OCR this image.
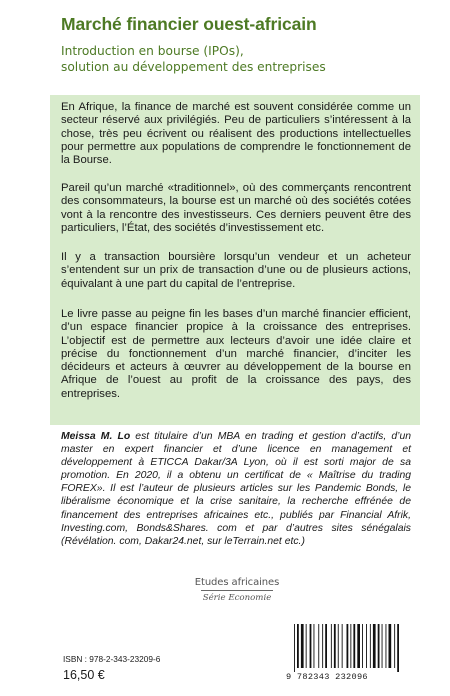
Marché financier ouest-africain
Introduction en bourse (IPOs),
solution au développement des entreprises

En Afrique, la finance de marché est souvent considérée comme un secteur réservé aux privilégiés. Peu de particuliers s’intéressent à la chose, très peu écrivent ou réalisent des productions intellectuelles pour permettre aux populations de comprendre le fonctionnement de la Bourse.

Pareil qu’un marché «traditionnel», où des commerçants rencontrent des consommateurs, la bourse est un marché où des sociétés cotées vont à la rencontre des investisseurs. Ces derniers peuvent être des particuliers, l’État, des sociétés d’investissement etc.

Il y a transaction boursière lorsqu’un vendeur et un acheteur s’entendent sur un prix de transaction d’une ou de plusieurs actions, équivalant à une part du capital de l’entreprise.

Le livre passe au peigne fin les bases d’un marché financier efficient, d’un espace financier propice à la croissance des entreprises. L’objectif est de permettre aux lecteurs d’avoir une idée claire et précise du fonctionnement d’un marché financier, d’inciter les décideurs et acteurs à œuvrer au développement de la bourse en Afrique de l’ouest au profit de la croissance des pays, des entreprises.

Meissa M. Lo est titulaire d’un MBA en trading et gestion d’actifs, d’un master en expert financier et d’une licence en management et développement à ETICCA Dakar/3A Lyon, où il est sorti major de sa promotion. En 2020, il a obtenu un certificat de « Maîtrise du trading FOREX». Il est l’auteur de plusieurs articles sur les Pandemic Bonds, le libéralisme économique et la crise sanitaire, la recherche effrénée de financement des entreprises africaines etc., publiés par Financial Afrik, Investing.com, Bonds&Shares. com et par d’autres sites sénégalais (Révélation. com, Dakar24.net, sur leTerrain.net etc.)

Etudes africaines
Série Economie
ISBN : 978-2-343-23209-6
16,50 €	9 782343 232096
